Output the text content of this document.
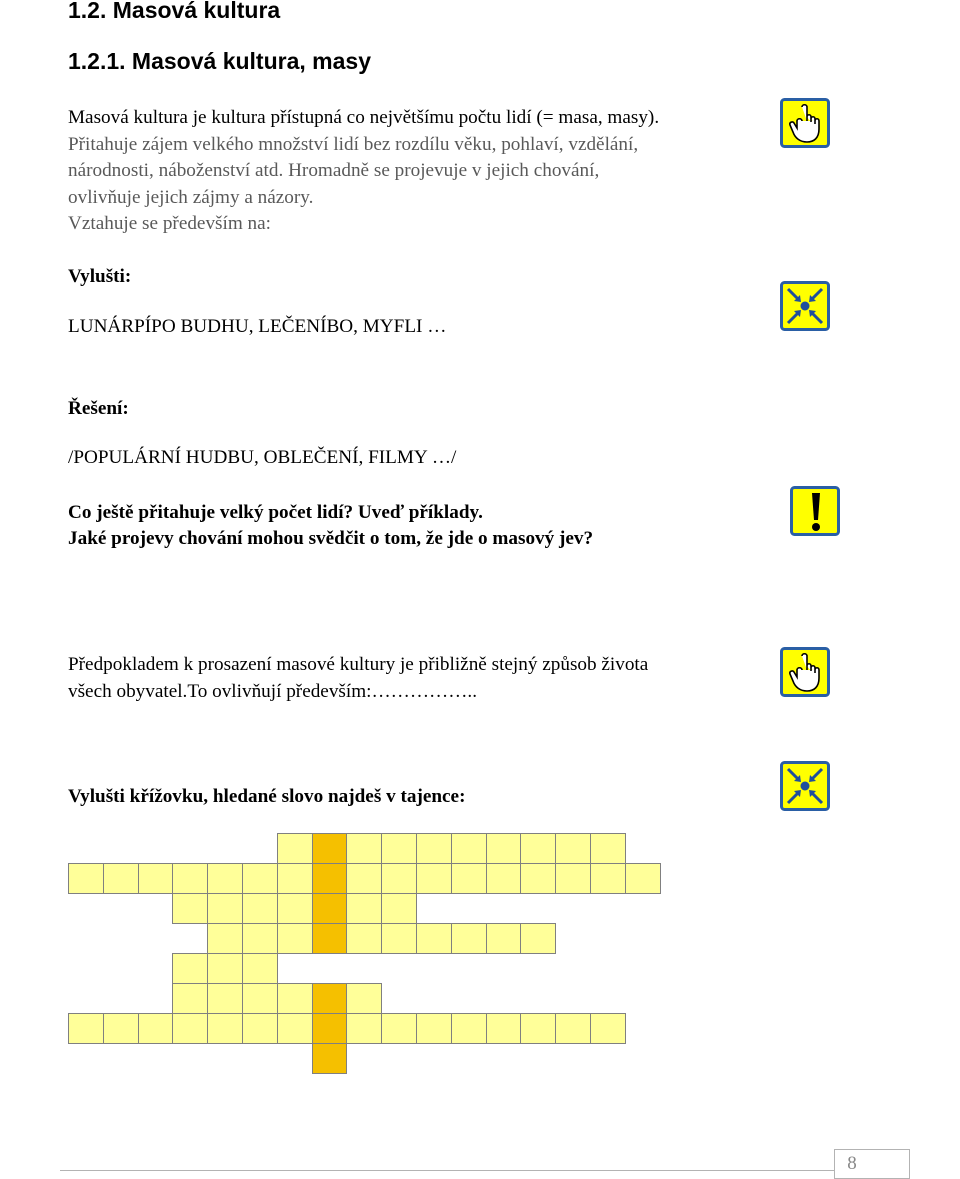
1.2. Masová kultura
1.2.1. Masová kultura, masy
Masová kultura je kultura přístupná co největšímu počtu lidí (= masa, masy).
Přitahuje zájem velkého množství lidí bez rozdílu věku, pohlaví, vzdělání,
národnosti, náboženství atd. Hromadně se projevuje v jejich chování,
ovlivňuje jejich zájmy a názory.
Vztahuje se především na:
Vylušti:
LUNÁRPÍPO BUDHU, LEČENÍBO, MYFLI …
Řešení:
/POPULÁRNÍ HUDBU, OBLEČENÍ, FILMY …/
Co ještě přitahuje velký počet lidí? Uveď příklady.
Jaké projevy chování mohou svědčit o tom, že jde o masový jev?
Předpokladem k prosazení masové kultury je přibližně stejný způsob života
všech obyvatel.To ovlivňují především:……………..
Vylušti křížovku, hledané slovo najdeš v tajence:
8
